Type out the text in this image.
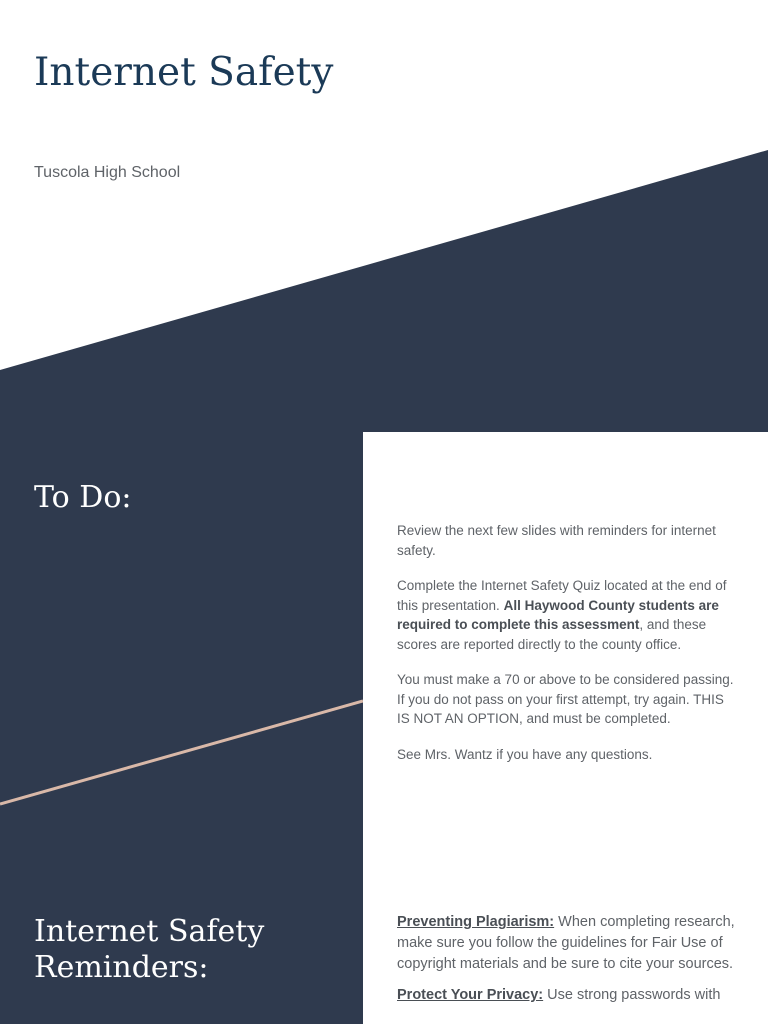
Internet Safety
Tuscola High School
To Do:

Review the next few slides with reminders for internet safety.

Complete the Internet Safety Quiz located at the end of this presentation. All Haywood County students are required to complete this assessment, and these scores are reported directly to the county office.

You must make a 70 or above to be considered passing. If you do not pass on your first attempt, try again. THIS IS NOT AN OPTION, and must be completed.

See Mrs. Wantz if you have any questions.

Internet Safety Reminders:

Preventing Plagiarism: When completing research, make sure you follow the guidelines for Fair Use of copyright materials and be sure to cite your sources.

Protect Your Privacy: Use strong passwords with
